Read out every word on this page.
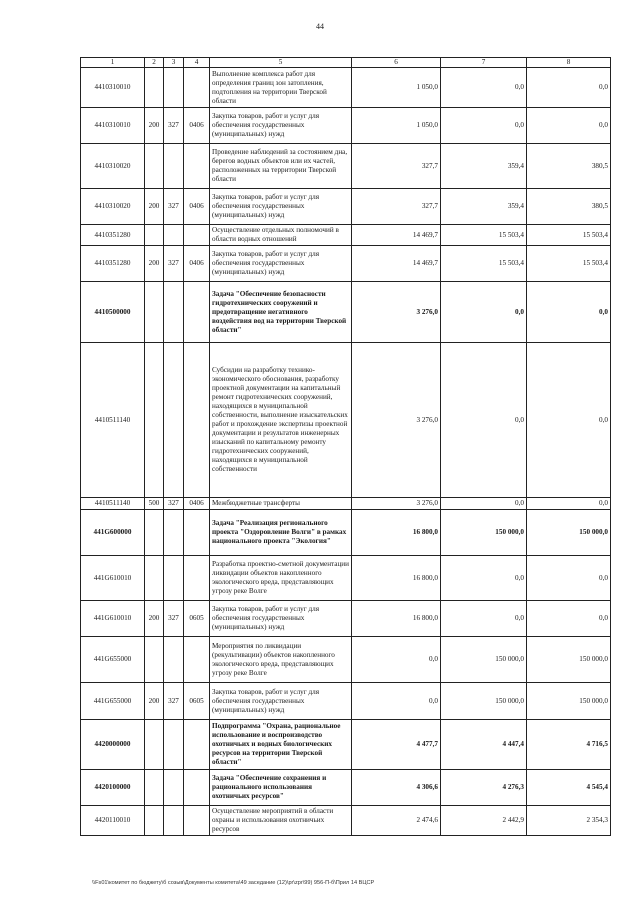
44
1	2	3	4	5	6	7	8
4410310010				Выполнение комплекса работ для определения границ зон затопления, подтопления на территории Тверской области	1 050,0	0,0	0,0
4410310010	200	327	0406	Закупка товаров, работ и услуг для обеспечения государственных (муниципальных) нужд	1 050,0	0,0	0,0
4410310020				Проведение наблюдений за состоянием дна, берегов водных объектов или их частей, расположенных на территории Тверской области	327,7	359,4	380,5
4410310020	200	327	0406	Закупка товаров, работ и услуг для обеспечения государственных (муниципальных) нужд	327,7	359,4	380,5
4410351280				Осуществление отдельных полномочий в области водных отношений	14 469,7	15 503,4	15 503,4
4410351280	200	327	0406	Закупка товаров, работ и услуг для обеспечения государственных (муниципальных) нужд	14 469,7	15 503,4	15 503,4
4410500000				Задача "Обеспечение безопасности гидротехнических сооружений и предотвращение негативного воздействия вод на территории Тверской области"	3 276,0	0,0	0,0
4410511140				Субсидии на разработку технико-экономического обоснования, разработку проектной документации на капитальный ремонт гидротехнических сооружений, находящихся в муниципальной собственности, выполнение изыскательских работ и прохождение экспертизы проектной документации и результатов инженерных изысканий по капитальному ремонту гидротехнических сооружений, находящихся в муниципальной собственности	3 276,0	0,0	0,0
4410511140	500	327	0406	Межбюджетные трансферты	3 276,0	0,0	0,0
441G600000				Задача "Реализация регионального проекта "Оздоровление Волги" в рамках национального проекта "Экология"	16 800,0	150 000,0	150 000,0
441G610010				Разработка проектно-сметной документации ликвидации объектов накопленного экологического вреда, представляющих угрозу реке Волге	16 800,0	0,0	0,0
441G610010	200	327	0605	Закупка товаров, работ и услуг для обеспечения государственных (муниципальных) нужд	16 800,0	0,0	0,0
441G655000				Мероприятия по ликвидации (рекультивации) объектов накопленного экологического вреда, представляющих угрозу реке Волге	0,0	150 000,0	150 000,0
441G655000	200	327	0605	Закупка товаров, работ и услуг для обеспечения государственных (муниципальных) нужд	0,0	150 000,0	150 000,0
4420000000				Подпрограмма "Охрана, рациональное использование и воспроизводство охотничьих и водных биологических ресурсов на территории Тверской области"	4 477,7	4 447,4	4 716,5
4420100000				Задача "Обеспечение сохранения и рационального использования охотничьих ресурсов"	4 306,6	4 276,3	4 545,4
4420110010				Осуществление мероприятий в области охраны и использования охотничьих ресурсов	2 474,6	2 442,9	2 354,3
\\Fs01\комитет по бюджету\б созыв\Документы комитета\49 заседание (12)\pr\zpr\99) 956-П-б\Прил 14 ВЦСР
